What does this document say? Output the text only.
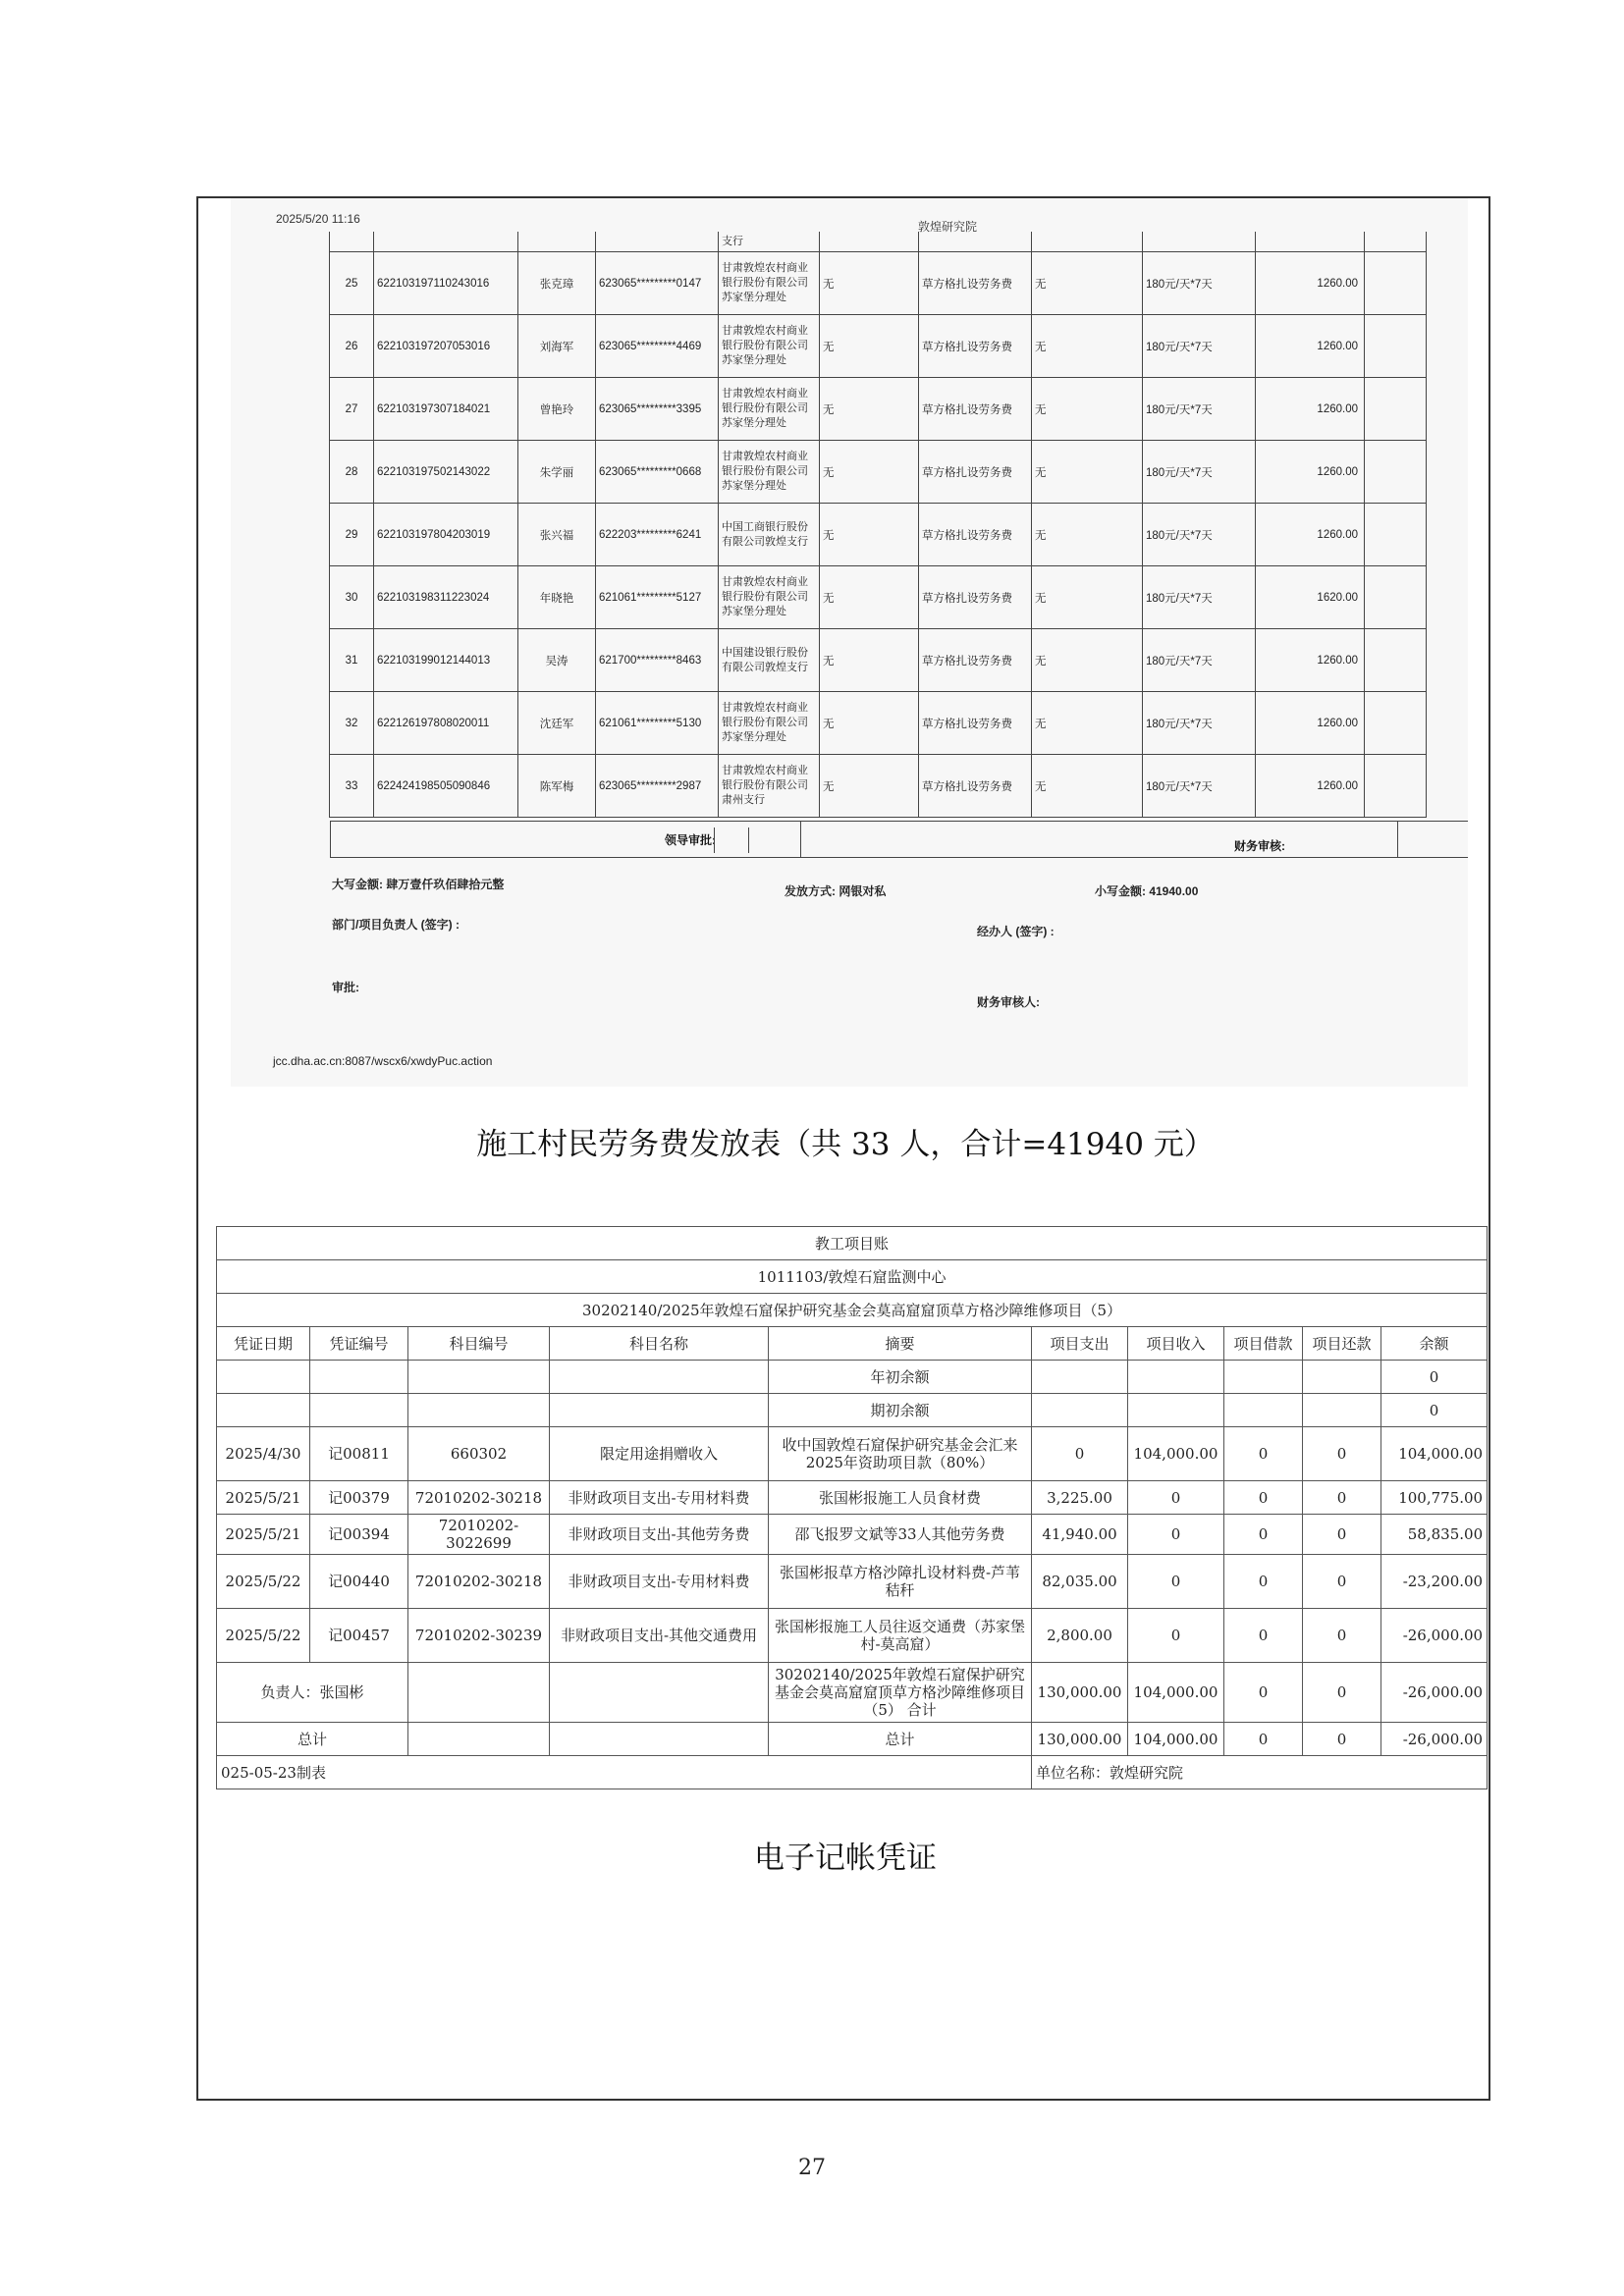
2025/5/20 11:16
敦煌研究院
				支行						
25	622103197110243016	张克璋	623065*********0147	甘肃敦煌农村商业银行股份有限公司苏家堡分理处	无	草方格扎设劳务费	无	180元/天*7天	1260.00	
26	622103197207053016	刘海军	623065*********4469	甘肃敦煌农村商业银行股份有限公司苏家堡分理处	无	草方格扎设劳务费	无	180元/天*7天	1260.00	
27	622103197307184021	曾艳玲	623065*********3395	甘肃敦煌农村商业银行股份有限公司苏家堡分理处	无	草方格扎设劳务费	无	180元/天*7天	1260.00	
28	622103197502143022	朱学丽	623065*********0668	甘肃敦煌农村商业银行股份有限公司苏家堡分理处	无	草方格扎设劳务费	无	180元/天*7天	1260.00	
29	622103197804203019	张兴福	622203*********6241	中国工商银行股份有限公司敦煌支行	无	草方格扎设劳务费	无	180元/天*7天	1260.00	
30	622103198311223024	年晓艳	621061*********5127	甘肃敦煌农村商业银行股份有限公司苏家堡分理处	无	草方格扎设劳务费	无	180元/天*7天	1620.00	
31	622103199012144013	吴涛	621700*********8463	中国建设银行股份有限公司敦煌支行	无	草方格扎设劳务费	无	180元/天*7天	1260.00	
32	622126197808020011	沈廷军	621061*********5130	甘肃敦煌农村商业银行股份有限公司苏家堡分理处	无	草方格扎设劳务费	无	180元/天*7天	1260.00	
33	622424198505090846	陈军梅	623065*********2987	甘肃敦煌农村商业银行股份有限公司肃州支行	无	草方格扎设劳务费	无	180元/天*7天	1260.00	
领导审批:	财务审核:
大写金额: 肆万壹仟玖佰肆拾元整	发放方式: 网银对私	小写金额: 41940.00
部门/项目负责人 (签字) :	经办人 (签字) :
审批:
财务审核人:
jcc.dha.ac.cn:8087/wscx6/xwdyPuc.action
施工村民劳务费发放表（共 33 人，合计=41940 元）
教工项目账									
1011103/敦煌石窟监测中心									
30202140/2025年敦煌石窟保护研究基金会莫高窟窟顶草方格沙障维修项目（5）									
凭证日期	凭证编号	科目编号	科目名称	摘要	项目支出	项目收入	项目借款	项目还款	余额
				年初余额					0
				期初余额					0
2025/4/30	记00811	660302	限定用途捐赠收入	收中国敦煌石窟保护研究基金会汇来2025年资助项目款（80%）	0	104,000.00	0	0	104,000.00
2025/5/21	记00379	72010202-30218	非财政项目支出-专用材料费	张国彬报施工人员食材费	3,225.00	0	0	0	100,775.00
2025/5/21	记00394	72010202-3022699	非财政项目支出-其他劳务费	邵飞报罗文斌等33人其他劳务费	41,940.00	0	0	0	58,835.00
2025/5/22	记00440	72010202-30218	非财政项目支出-专用材料费	张国彬报草方格沙障扎设材料费-芦苇秸秆	82,035.00	0	0	0	-23,200.00
2025/5/22	记00457	72010202-30239	非财政项目支出-其他交通费用	张国彬报施工人员往返交通费（苏家堡村-莫高窟）	2,800.00	0	0	0	-26,000.00
负责人：张国彬				30202140/2025年敦煌石窟保护研究基金会莫高窟窟顶草方格沙障维修项目（5） 合计	130,000.00	104,000.00	0	0	-26,000.00
总计				总计	130,000.00	104,000.00	0	0	-26,000.00
025-05-23制表					单位名称：敦煌研究院				
电子记帐凭证
27
